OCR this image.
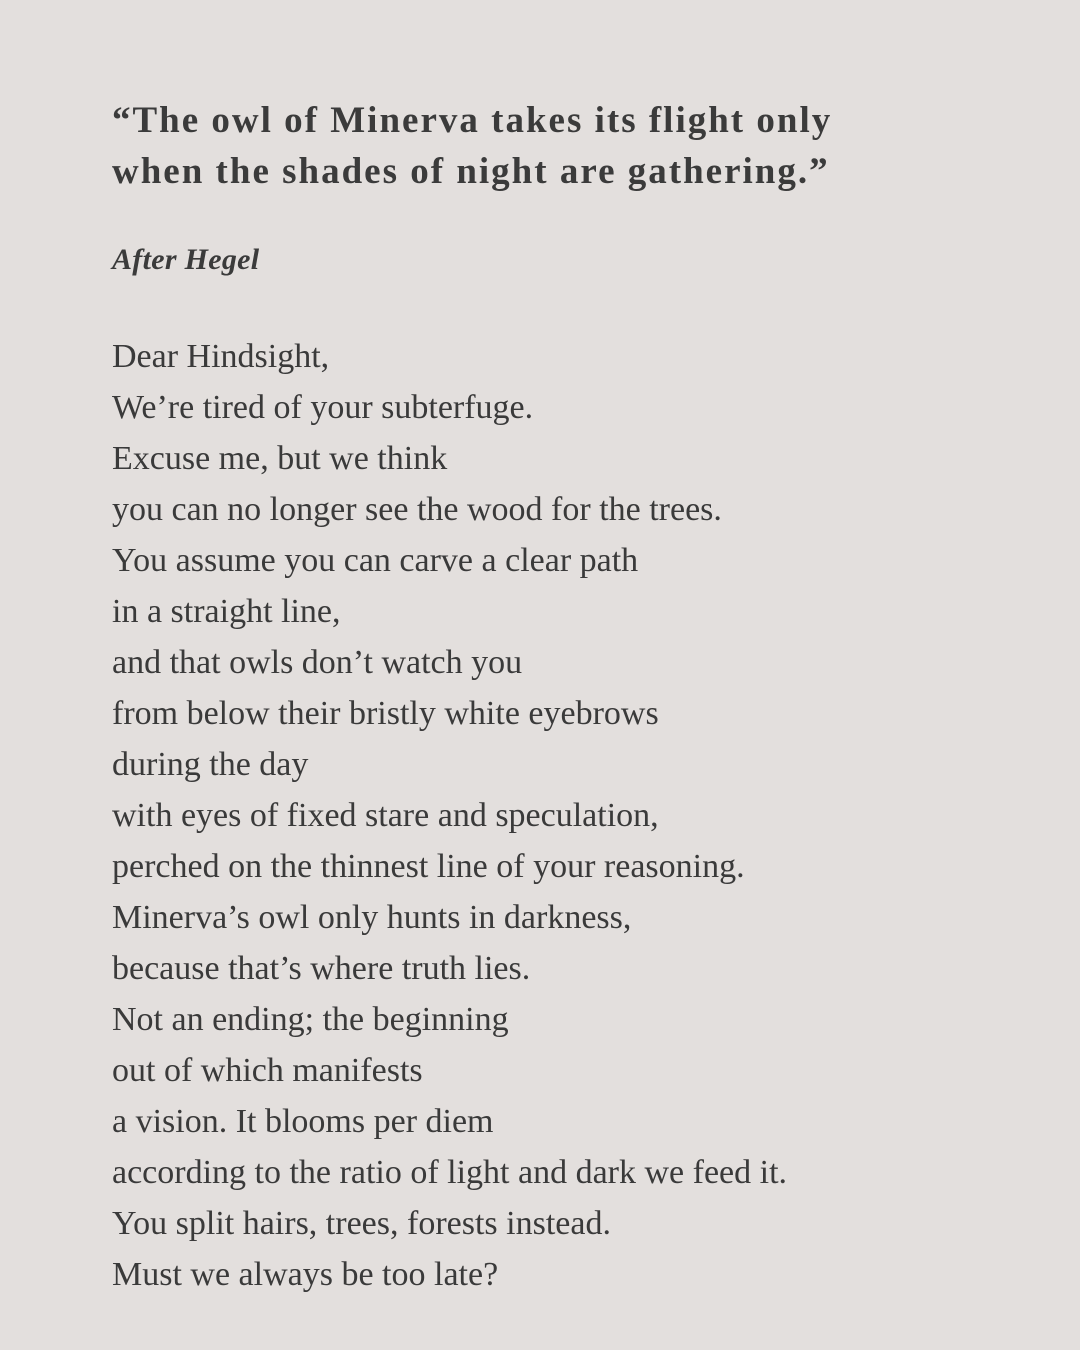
“The owl of Minerva takes its flight only
when the shades of night are gathering.”

After Hegel

Dear Hindsight,
We’re tired of your subterfuge.
Excuse me, but we think
you can no longer see the wood for the trees.
You assume you can carve a clear path
in a straight line,
and that owls don’t watch you
from below their bristly white eyebrows
during the day
with eyes of fixed stare and speculation,
perched on the thinnest line of your reasoning.
Minerva’s owl only hunts in darkness,
because that’s where truth lies.
Not an ending; the beginning
out of which manifests
a vision. It blooms per diem
according to the ratio of light and dark we feed it.
You split hairs, trees, forests instead.
Must we always be too late?
